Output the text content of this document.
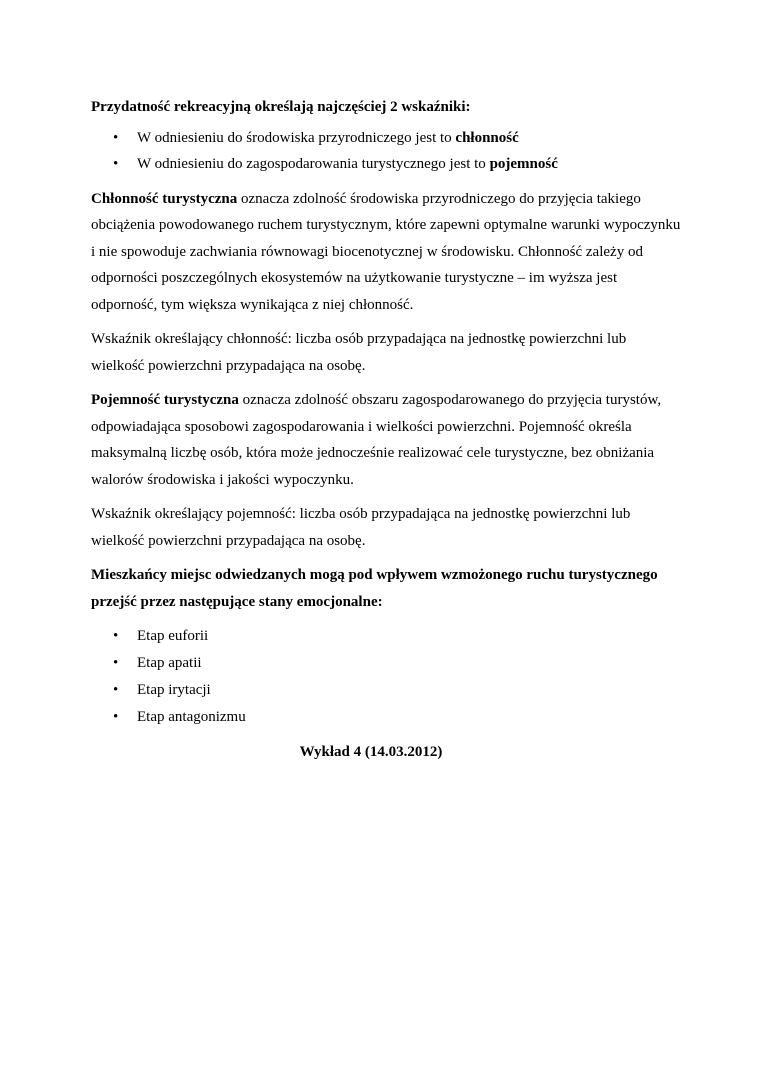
Przydatność rekreacyjną określają najczęściej 2 wskaźniki:

• W odniesieniu do środowiska przyrodniczego jest to chłonność
• W odniesieniu do zagospodarowania turystycznego jest to pojemność

Chłonność turystyczna oznacza zdolność środowiska przyrodniczego do przyjęcia takiego obciążenia powodowanego ruchem turystycznym, które zapewni optymalne warunki wypoczynku i nie spowoduje zachwiania równowagi biocenotycznej w środowisku. Chłonność zależy od odporności poszczególnych ekosystemów na użytkowanie turystyczne – im wyższa jest odporność, tym większa wynikająca z niej chłonność.

Wskaźnik określający chłonność: liczba osób przypadająca na jednostkę powierzchni lub wielkość powierzchni przypadająca na osobę.

Pojemność turystyczna oznacza zdolność obszaru zagospodarowanego do przyjęcia turystów, odpowiadająca sposobowi zagospodarowania i wielkości powierzchni. Pojemność określa maksymalną liczbę osób, która może jednocześnie realizować cele turystyczne, bez obniżania walorów środowiska i jakości wypoczynku.

Wskaźnik określający pojemność: liczba osób przypadająca na jednostkę powierzchni lub wielkość powierzchni przypadająca na osobę.

Mieszkańcy miejsc odwiedzanych mogą pod wpływem wzmożonego ruchu turystycznego przejść przez następujące stany emocjonalne:

• Etap euforii
• Etap apatii
• Etap irytacji
• Etap antagonizmu

Wykład 4 (14.03.2012)
